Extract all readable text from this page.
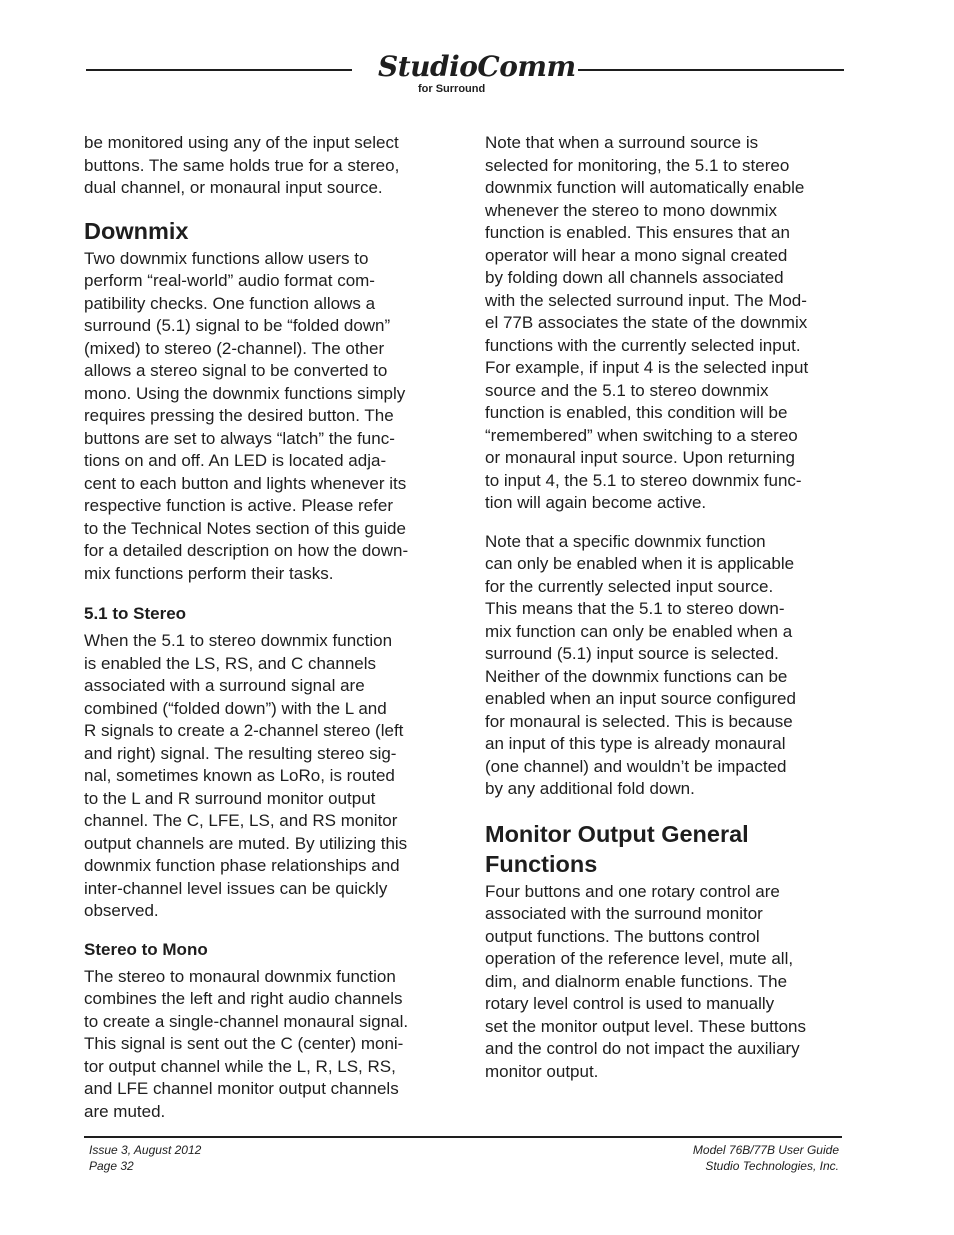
StudioComm
for Surround

be monitored using any of the input select
buttons. The same holds true for a stereo,
dual channel, or monaural input source.

Downmix

Two downmix functions allow users to
perform “real-world” audio format com-
patibility checks. One function allows a
surround (5.1) signal to be “folded down”
(mixed) to stereo (2-channel). The other
allows a stereo signal to be converted to
mono. Using the downmix functions simply
requires pressing the desired button. The
buttons are set to always “latch” the func-
tions on and off. An LED is located adja-
cent to each button and lights whenever its
respective function is active. Please refer
to the Technical Notes section of this guide
for a detailed description on how the down-
mix functions perform their tasks.

5.1 to Stereo

When the 5.1 to stereo downmix function
is enabled the LS, RS, and C channels
associated with a surround signal are
combined (“folded down”) with the L and
R signals to create a 2-channel stereo (left
and right) signal. The resulting stereo sig-
nal, sometimes known as LoRo, is routed
to the L and R surround monitor output
channel. The C, LFE, LS, and RS monitor
output channels are muted. By utilizing this
downmix function phase relationships and
inter-channel level issues can be quickly
observed.

Stereo to Mono

The stereo to monaural downmix function
combines the left and right audio channels
to create a single-channel monaural signal.
This signal is sent out the C (center) moni-
tor output channel while the L, R, LS, RS,
and LFE channel monitor output channels
are muted.

Note that when a surround source is
selected for monitoring, the 5.1 to stereo
downmix function will automatically enable
whenever the stereo to mono downmix
function is enabled. This ensures that an
operator will hear a mono signal created
by folding down all channels associated
with the selected surround input. The Mod-
el 77B associates the state of the downmix
functions with the currently selected input.
For example, if input 4 is the selected input
source and the 5.1 to stereo downmix
function is enabled, this condition will be
“remembered” when switching to a stereo
or monaural input source. Upon returning
to input 4, the 5.1 to stereo downmix func-
tion will again become active.

Note that a specific downmix function
can only be enabled when it is applicable
for the currently selected input source.
This means that the 5.1 to stereo down-
mix function can only be enabled when a
surround (5.1) input source is selected.
Neither of the downmix functions can be
enabled when an input source configured
for monaural is selected. This is because
an input of this type is already monaural
(one channel) and wouldn’t be impacted
by any additional fold down.

Monitor Output General
Functions

Four buttons and one rotary control are
associated with the surround monitor
output functions. The buttons control
operation of the reference level, mute all,
dim, and dialnorm enable functions. The
rotary level control is used to manually
set the monitor output level. These buttons
and the control do not impact the auxiliary
monitor output.

Issue 3, August 2012
Page 32
Model 76B/77B User Guide
Studio Technologies, Inc.
